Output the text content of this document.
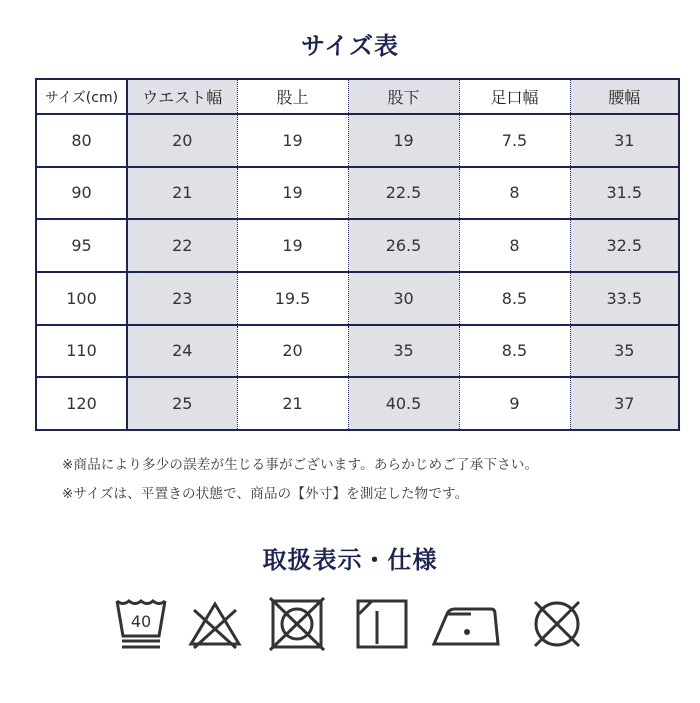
サイズ表
サイズ(cm)	ウエスト幅	股上	股下	足口幅	腰幅
80	20	19	19	7.5	31
90	21	19	22.5	8	31.5
95	22	19	26.5	8	32.5
100	23	19.5	30	8.5	33.5
110	24	20	35	8.5	35
120	25	21	40.5	9	37
※商品により多少の誤差が生じる事がございます。あらかじめご了承下さい。
※サイズは、平置きの状態で、商品の【外寸】を測定した物です。
取扱表示・仕様
40
